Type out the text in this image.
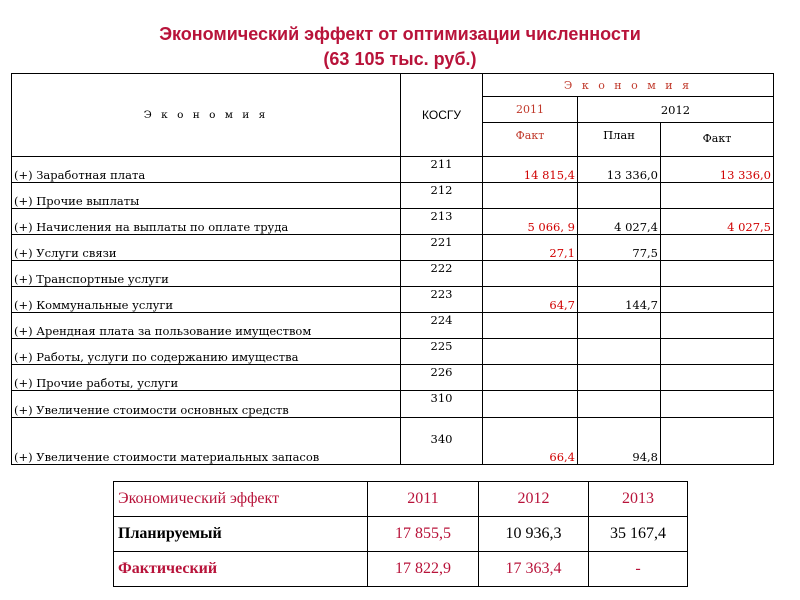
Экономический эффект от оптимизации численности
(63 105 тыс. руб.)
Э к о н о м и я	КОСГУ	Э к о н о м и я		
		2011	2012	
		Факт	План	Факт
(+) Заработная плата	211	14 815,4	13 336,0	13 336,0
(+) Прочие выплаты	212			
(+) Начисления на выплаты по оплате труда	213	5 066, 9	4 027,4	4 027,5
(+) Услуги связи	221	27,1	77,5	
(+) Транспортные услуги	222			
(+) Коммунальные услуги	223	64,7	144,7	
(+) Арендная плата за пользование имуществом	224			
(+) Работы, услуги по содержанию имущества	225			
(+) Прочие работы, услуги	226			
(+) Увеличение стоимости основных средств	310			
(+) Увеличение стоимости материальных запасов	340	66,4	94,8	
Экономический эффект	2011	2012	2013
Планируемый	17 855,5	10 936,3	35 167,4
Фактический	17 822,9	17 363,4	-
